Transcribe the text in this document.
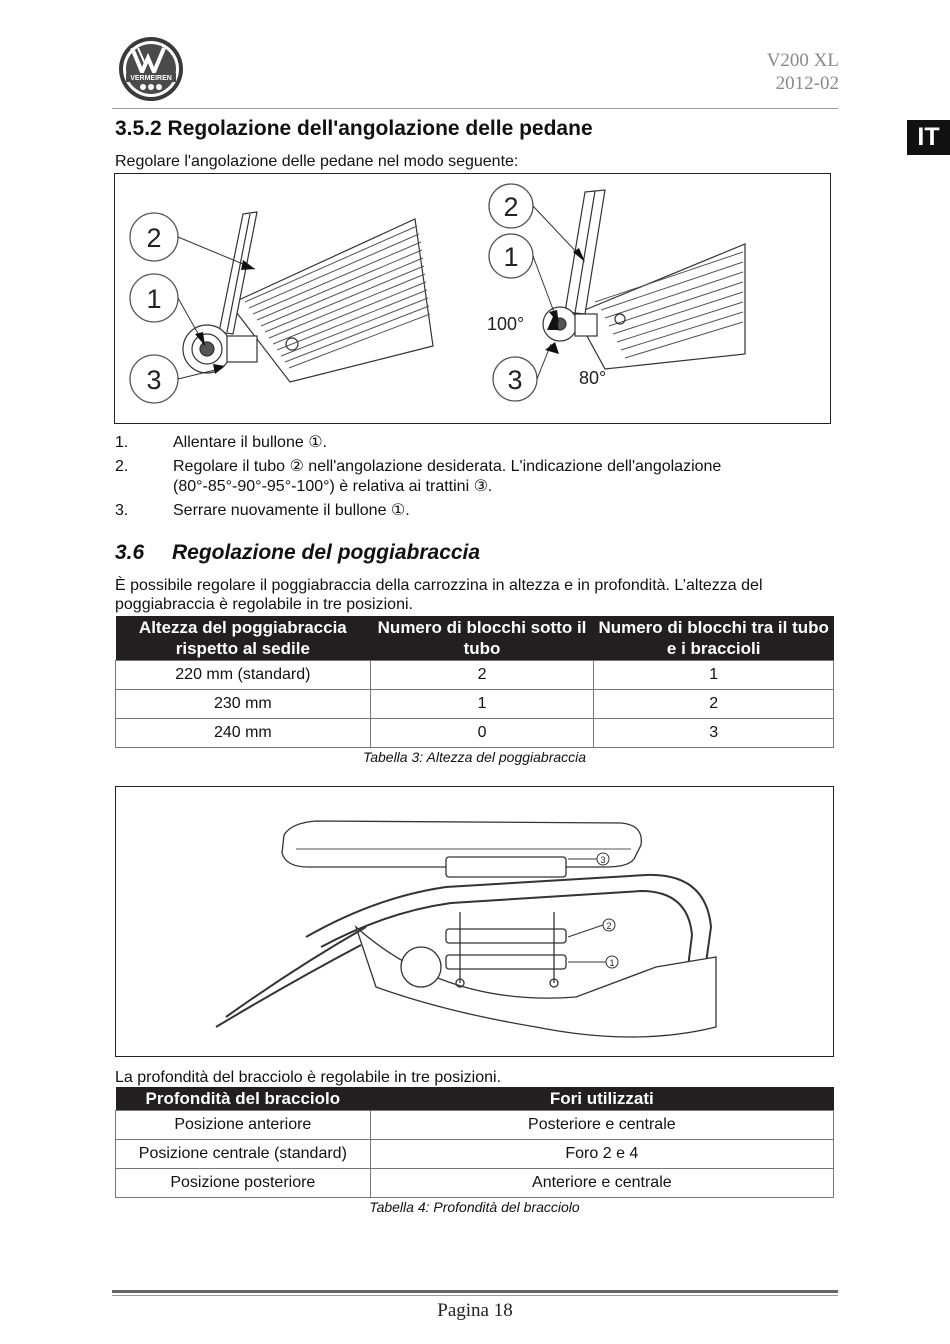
VERMEIREN
V200 XL
2012-02
IT
3.5.2 Regolazione dell'angolazione delle pedane
Regolare l'angolazione delle pedane nel modo seguente:
2
1
3
2
1
3
100°
80°
1.	Allentare il bullone ①.
2.	Regolare il tubo ② nell'angolazione desiderata. L'indicazione dell'angolazione (80°-85°-90°-95°-100°) è relativa ai trattini ③.
3.	Serrare nuovamente il bullone ①.
3.6 Regolazione del poggiabraccia
È possibile regolare il poggiabraccia della carrozzina in altezza e in profondità. L’altezza del poggiabraccia è regolabile in tre posizioni.
Altezza del poggiabraccia rispetto al sedile	Numero di blocchi sotto il tubo	Numero di blocchi tra il tubo e i braccioli
220 mm (standard)	2	1
230 mm	1	2
240 mm	0	3
Tabella 3: Altezza del poggiabraccia
3
2
1
La profondità del bracciolo è regolabile in tre posizioni.
Profondità del bracciolo	Fori utilizzati
Posizione anteriore	Posteriore e centrale
Posizione centrale (standard)	Foro 2 e 4
Posizione posteriore	Anteriore e centrale
Tabella 4: Profondità del bracciolo
Pagina 18
